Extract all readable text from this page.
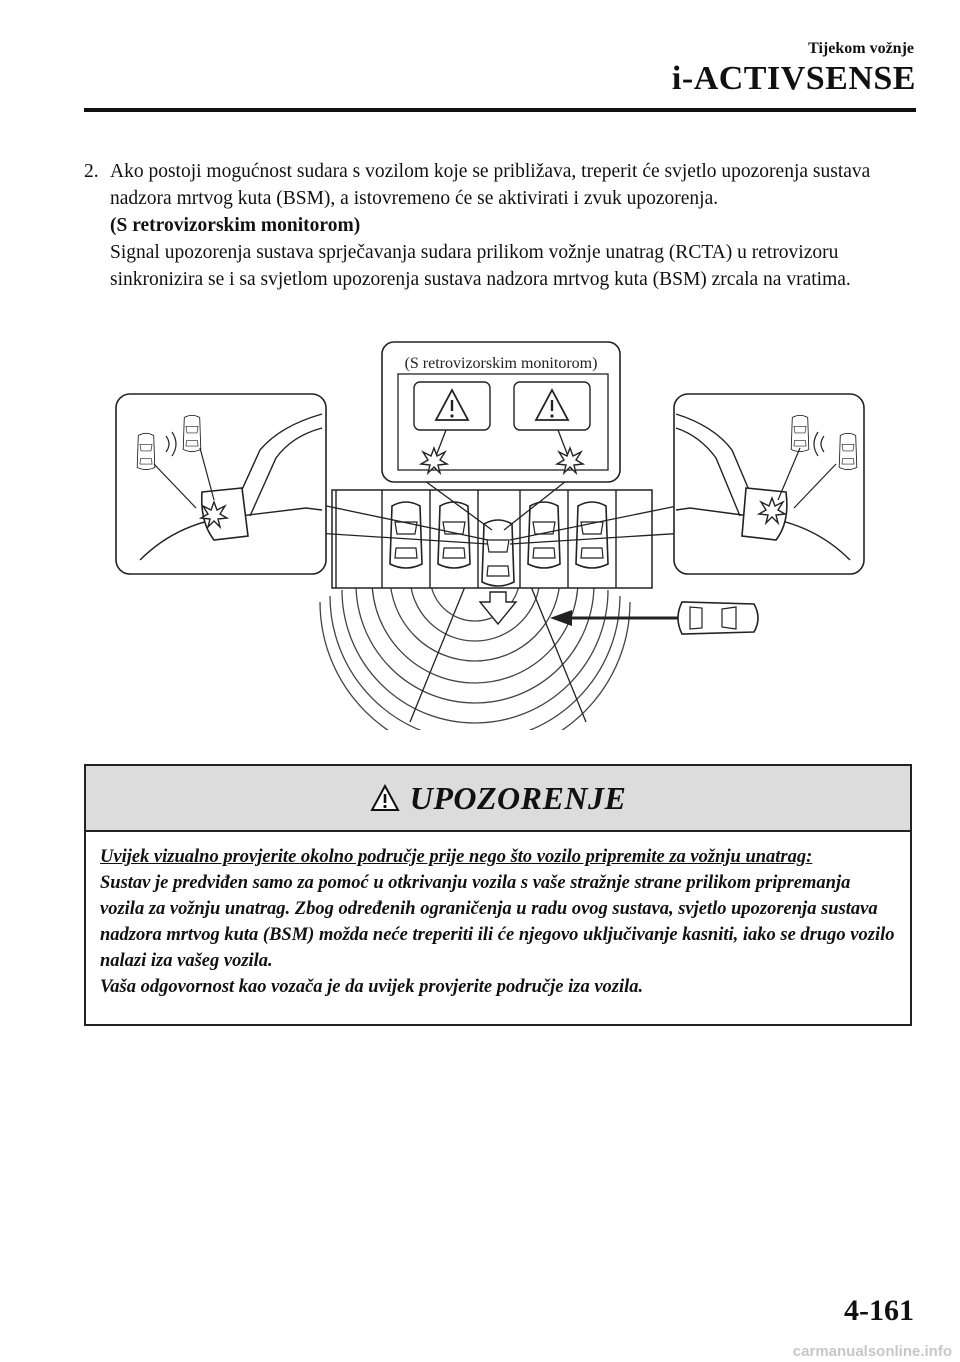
Tijekom vožnje
i-ACTIVSENSE
2. Ako postoji mogućnost sudara s vozilom koje se približava, treperit će svjetlo upozorenja sustava nadzora mrtvog kuta (BSM), a istovremeno će se aktivirati i zvuk upozorenja.
(S retrovizorskim monitorom)
Signal upozorenja sustava sprječavanja sudara prilikom vožnje unatrag (RCTA) u retrovizoru sinkronizira se i sa svjetlom upozorenja sustava nadzora mrtvog kuta (BSM) zrcala na vratima.
(S retrovizorskim monitorom)
UPOZORENJE
Uvijek vizualno provjerite okolno područje prije nego što vozilo pripremite za vožnju unatrag:
Sustav je predviđen samo za pomoć u otkrivanju vozila s vaše stražnje strane prilikom pripremanja vozila za vožnju unatrag. Zbog određenih ograničenja u radu ovog sustava, svjetlo upozorenja sustava nadzora mrtvog kuta (BSM) možda neće treperiti ili će njegovo uključivanje kasniti, iako se drugo vozilo nalazi iza vašeg vozila.
Vaša odgovornost kao vozača je da uvijek provjerite područje iza vozila.
4-161
carmanualsonline.info
